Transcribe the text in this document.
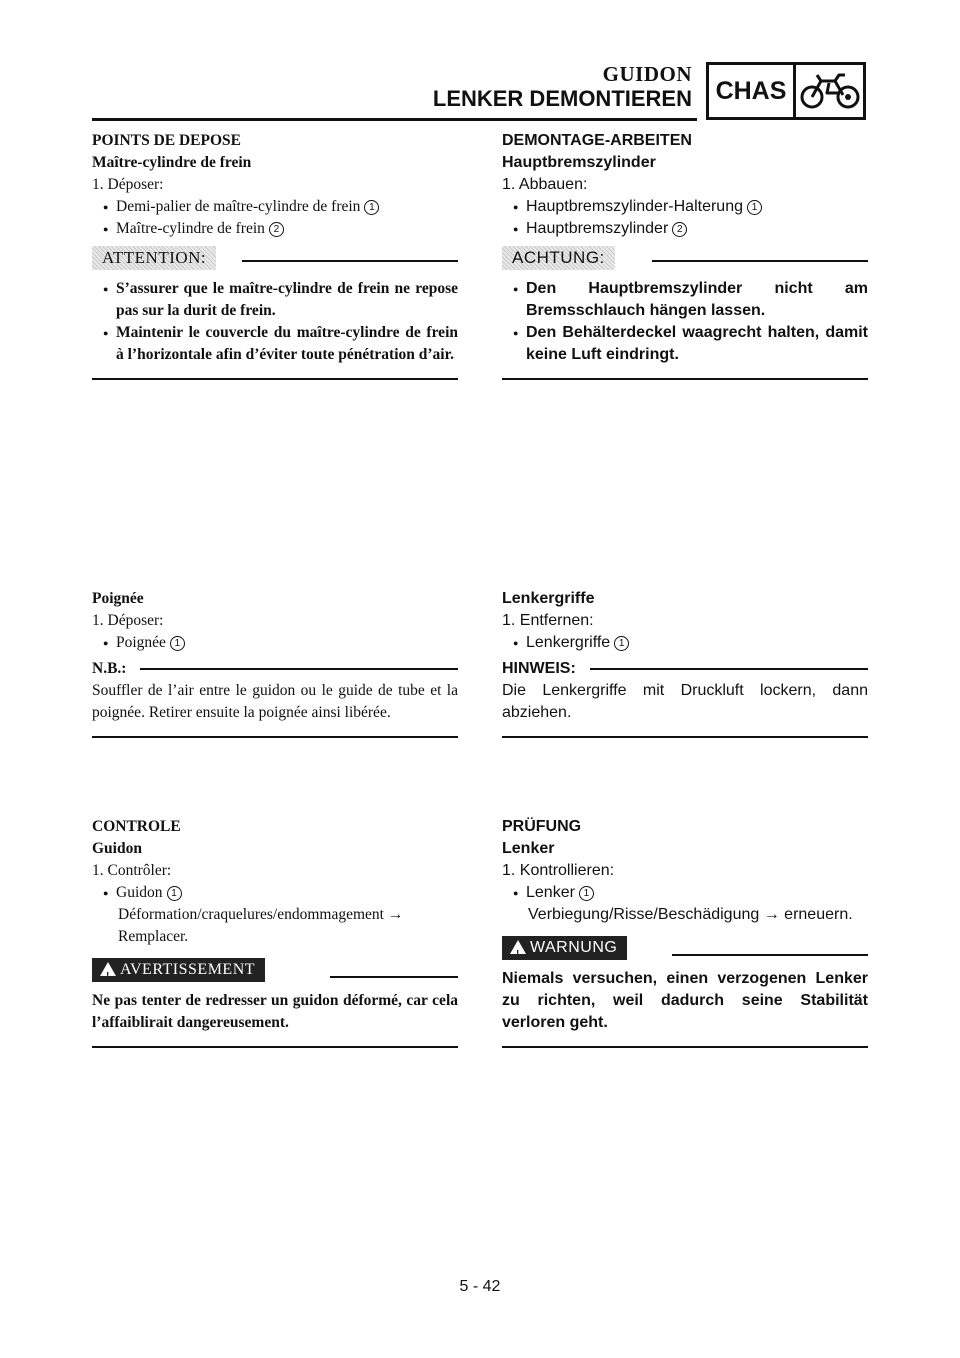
GUIDON
LENKER DEMONTIEREN CHAS

POINTS DE DEPOSE

Maître-cylindre de frein

1. Déposer:

● Demi-palier de maître-cylindre de frein 1

● Maître-cylindre de frein 2

ATTENTION:

● S’assurer que le maître-cylindre de frein ne repose pas sur la durit de frein.

● Maintenir le couvercle du maître-cylindre de frein à l’horizontale afin d’éviter toute pénétration d’air.

DEMONTAGE-ARBEITEN

Hauptbremszylinder

1. Abbauen:

● Hauptbremszylinder-Halterung 1

● Hauptbremszylinder 2

ACHTUNG:

● Den Hauptbremszylinder nicht am Bremsschlauch hängen lassen.

● Den Behälterdeckel waagrecht halten, damit keine Luft eindringt.

Poignée

1. Déposer:

● Poignée 1

N.B.:

Souffler de l’air entre le guidon ou le guide de tube et la poignée. Retirer ensuite la poignée ainsi libérée.

Lenkergriffe

1. Entfernen:

● Lenkergriffe 1

HINWEIS:

Die Lenkergriffe mit Druckluft lockern, dann abziehen.

CONTROLE

Guidon

1. Contrôler:

● Guidon 1

Déformation/craquelures/endommagement → Remplacer.

!
AVERTISSEMENT

Ne pas tenter de redresser un guidon déformé, car cela l’affaiblirait dangereusement.

PRÜFUNG

Lenker

1. Kontrollieren:

● Lenker 1

Verbiegung/Risse/Beschädigung → erneuern.

!
WARNUNG

Niemals versuchen, einen verzogenen Lenker zu richten, weil dadurch seine Stabilität verloren geht.

5 - 42
